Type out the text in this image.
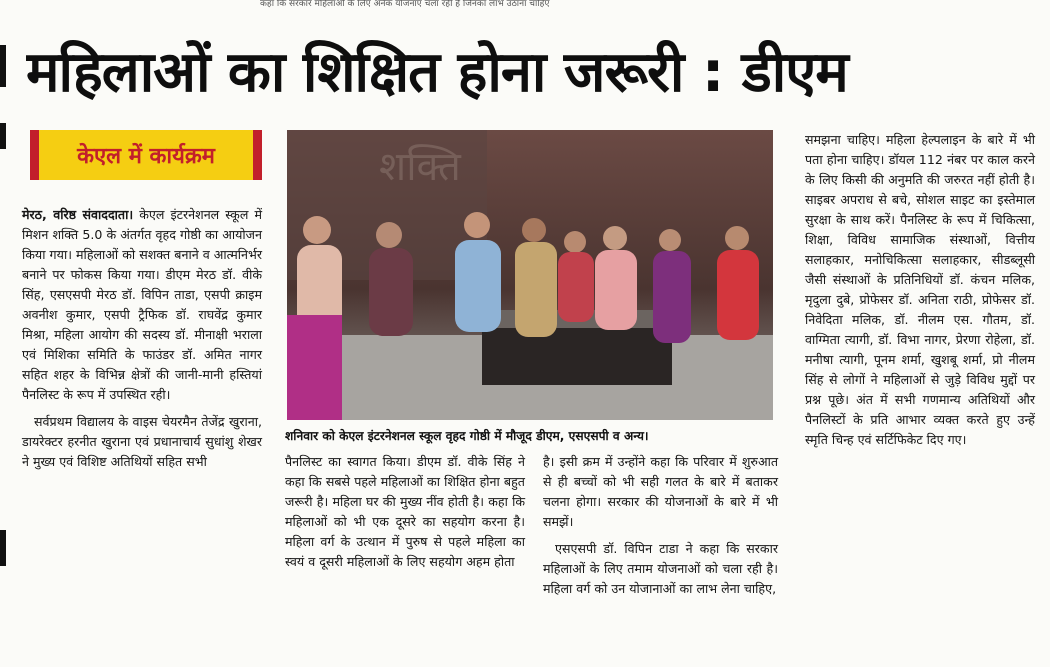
कहा कि सरकार महिलाओं के लिए अनेक योजनाएं चला रही है जिनका लाभ उठाना चाहिए
महिलाओं का शिक्षित होना जरूरी : डीएम
केएल में कार्यक्रम

मेरठ, वरिष्ठ संवाददाता। केएल इंटरनेशनल स्कूल में मिशन शक्ति 5.0 के अंतर्गत वृहद गोष्ठी का आयोजन किया गया। महिलाओं को सशक्त बनाने व आत्मनिर्भर बनाने पर फोकस किया गया। डीएम मेरठ डॉ. वीके सिंह, एसएसपी मेरठ डॉ. विपिन ताडा, एसपी क्राइम अवनीश कुमार, एसपी ट्रैफिक डॉ. राघवेंद्र कुमार मिश्रा, महिला आयोग की सदस्य डॉ. मीनाक्षी भराला एवं मिशिका समिति के फाउंडर डॉ. अमित नागर सहित शहर के विभिन्न क्षेत्रों की जानी-मानी हस्तियां पैनलिस्ट के रूप में उपस्थित रही।

सर्वप्रथम विद्यालय के वाइस चेयरमैन तेजेंद्र खुराना, डायरेक्टर हरनीत खुराना एवं प्रधानाचार्य सुधांशु शेखर ने मुख्य एवं विशिष्ट अतिथियों सहित सभी

शक्ति
शनिवार को केएल इंटरनेशनल स्कूल वृहद गोष्ठी में मौजूद डीएम, एसएसपी व अन्य।

पैनलिस्ट का स्वागत किया। डीएम डॉ. वीके सिंह ने कहा कि सबसे पहले महिलाओं का शिक्षित होना बहुत जरूरी है। महिला घर की मुख्य नींव होती है। कहा कि महिलाओं को भी एक दूसरे का सहयोग करना है। महिला वर्ग के उत्थान में पुरुष से पहले महिला का स्वयं व दूसरी महिलाओं के लिए सहयोग अहम होता

है। इसी क्रम में उन्होंने कहा कि परिवार में शुरुआत से ही बच्चों को भी सही गलत के बारे में बताकर चलना होगा। सरकार की योजनाओं के बारे में भी समझें।

एसएसपी डॉ. विपिन टाडा ने कहा कि सरकार महिलाओं के लिए तमाम योजनाओं को चला रही है। महिला वर्ग को उन योजानाओं का लाभ लेना चाहिए,

समझना चाहिए। महिला हेल्पलाइन के बारे में भी पता होना चाहिए। डॉयल 112 नंबर पर काल करने के लिए किसी की अनुमति की जरुरत नहीं होती है। साइबर अपराध से बचे, सोशल साइट का इस्तेमाल सुरक्षा के साथ करें। पैनलिस्ट के रूप में चिकित्सा, शिक्षा, विविध सामाजिक संस्थाओं, वित्तीय सलाहकार, मनोचिकित्सा सलाहकार, सीडब्लूसी जैसी संस्थाओं के प्रतिनिधियों डॉ. कंचन मलिक, मृदुला दुबे, प्रोफेसर डॉ. अनिता राठी, प्रोफेसर डॉ. निवेदिता मलिक, डॉ. नीलम एस. गौतम, डॉ. वाग्मिता त्यागी, डॉ. विभा नागर, प्रेरणा रोहेला, डॉ. मनीषा त्यागी, पूनम शर्मा, खुशबू शर्मा, प्रो नीलम सिंह से लोगों ने महिलाओं से जुड़े विविध मुद्दों पर प्रश्न पूछे। अंत में सभी गणमान्य अतिथियों और पैनलिस्टों के प्रति आभार व्यक्त करते हुए उन्हें स्मृति चिन्ह एवं सर्टिफिकेट दिए गए।
